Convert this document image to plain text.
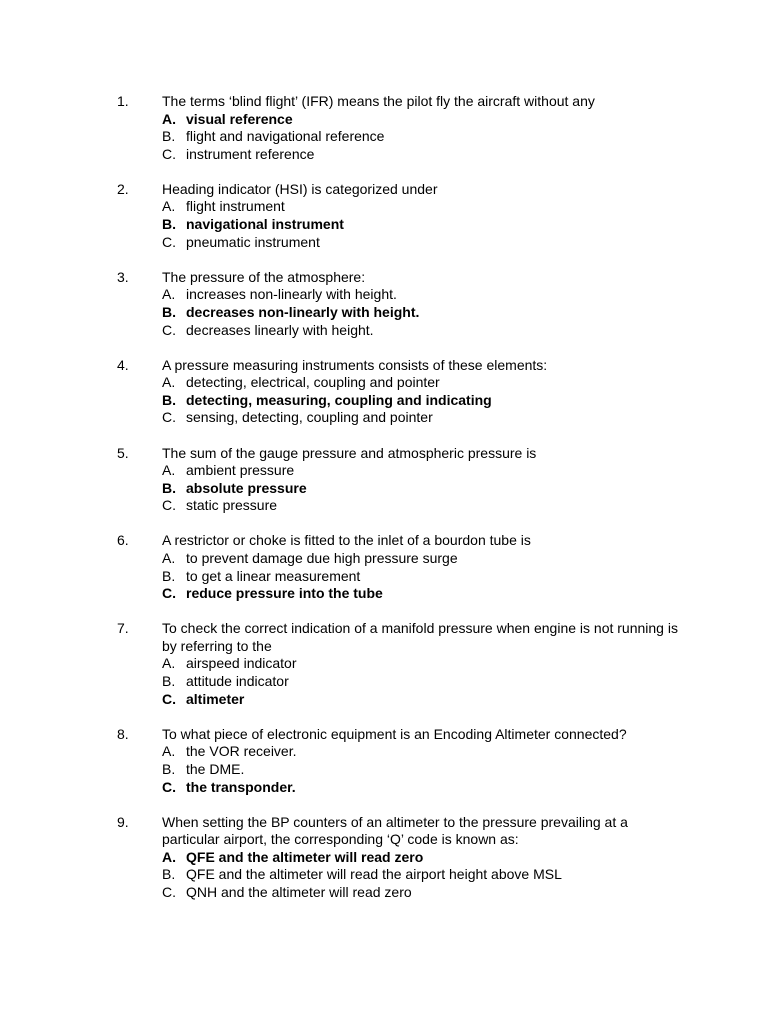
1. The terms ‘blind flight’ (IFR) means the pilot fly the aircraft without any
A. visual reference
B. flight and navigational reference
C. instrument reference
2. Heading indicator (HSI) is categorized under
A. flight instrument
B. navigational instrument
C. pneumatic instrument
3. The pressure of the atmosphere:
A. increases non-linearly with height.
B. decreases non-linearly with height.
C. decreases linearly with height.
4. A pressure measuring instruments consists of these elements:
A. detecting, electrical, coupling and pointer
B. detecting, measuring, coupling and indicating
C. sensing, detecting, coupling and pointer
5. The sum of the gauge pressure and atmospheric pressure is
A. ambient pressure
B. absolute pressure
C. static pressure
6. A restrictor or choke is fitted to the inlet of a bourdon tube is
A. to prevent damage due high pressure surge
B. to get a linear measurement
C. reduce pressure into the tube
7. To check the correct indication of a manifold pressure when engine is not running is by referring to the
A. airspeed indicator
B. attitude indicator
C. altimeter
8. To what piece of electronic equipment is an Encoding Altimeter connected?
A. the VOR receiver.
B. the DME.
C. the transponder.
9. When setting the BP counters of an altimeter to the pressure prevailing at a particular airport, the corresponding ‘Q’ code is known as:
A. QFE and the altimeter will read zero
B. QFE and the altimeter will read the airport height above MSL
C. QNH and the altimeter will read zero
